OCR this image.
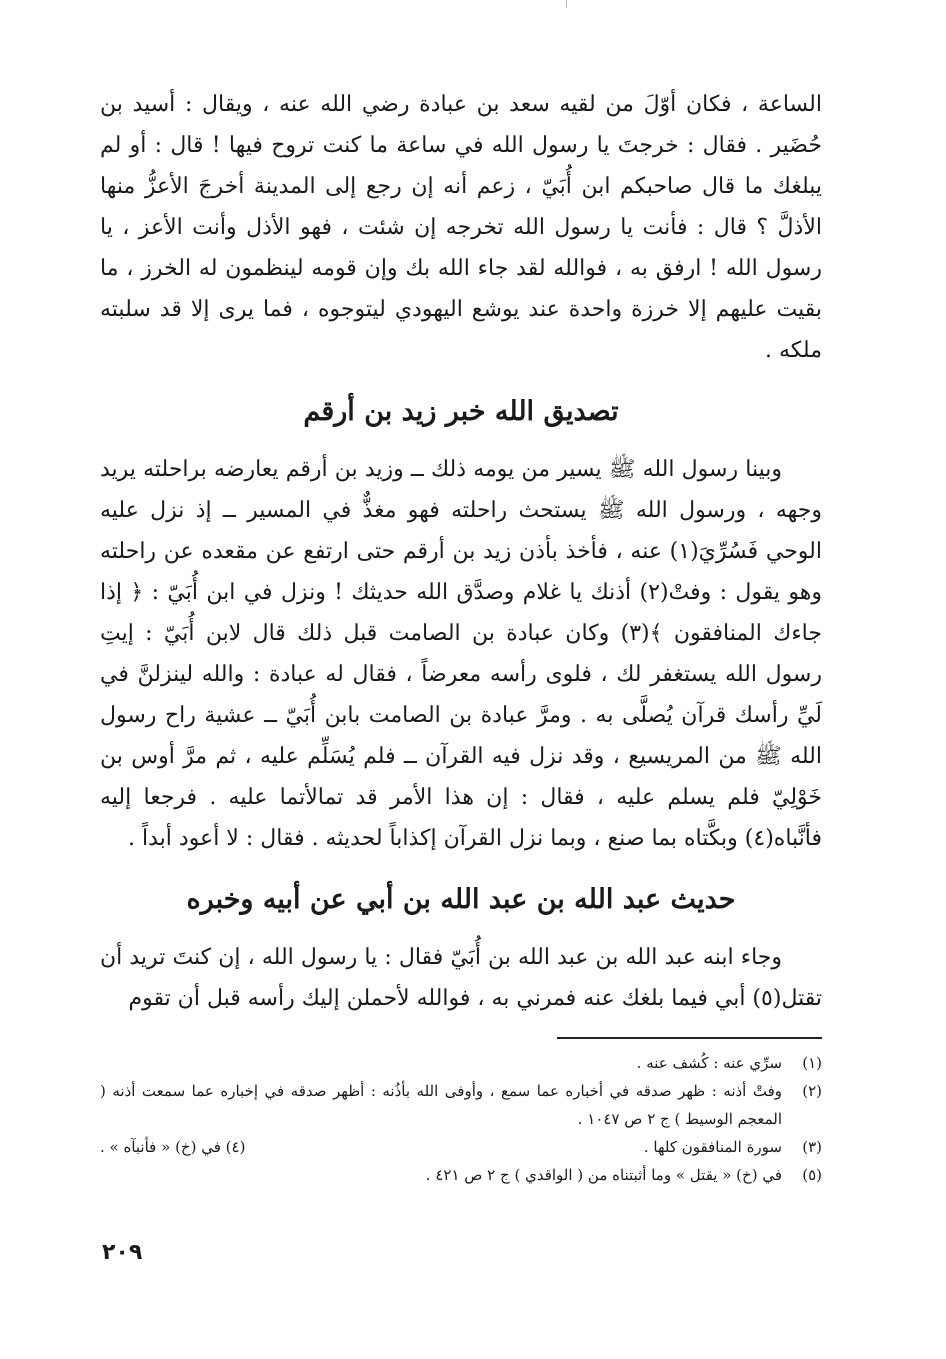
الساعة ، فكان أوّلَ من لقيه سعد بن عبادة رضي الله عنه ، ويقال : أسيد بن حُضَير . فقال : خرجتَ يا رسول الله في ساعة ما كنت تروح فيها ! قال : أو لم يبلغك ما قال صاحبكم ابن أُبَيّ ، زعم أنه إن رجع إلى المدينة أخرجَ الأعزُّ منها الأذلَّ ؟ قال : فأنت يا رسول الله تخرجه إن شئت ، فهو الأذل وأنت الأعز ، يا رسول الله ! ارفق به ، فوالله لقد جاء الله بك وإن قومه لينظمون له الخرز ، ما بقيت عليهم إلا خرزة واحدة عند يوشع اليهودي ليتوجوه ، فما يرى إلا قد سلبته ملكه .

تصديق الله خبر زيد بن أرقم

وبينا رسول الله ﷺ يسير من يومه ذلك ــ وزيد بن أرقم يعارضه براحلته يريد وجهه ، ورسول الله ﷺ يستحث راحلته فهو مغذٌّ في المسير ــ إذ نزل عليه الوحي فَسُرِّيَ(١) عنه ، فأخذ بأذن زيد بن أرقم حتى ارتفع عن مقعده عن راحلته وهو يقول : وفتْ(٢) أذنك يا غلام وصدَّق الله حديثك ! ونزل في ابن أُبَيّ : ﴿ إذا جاءك المنافقون ﴾(٣) وكان عبادة بن الصامت قبل ذلك قال لابن أُبَيّ : إيتِ رسول الله يستغفر لك ، فلوى رأسه معرضاً ، فقال له عبادة : والله لينزلنَّ في لَيِّ رأسك قرآن يُصلَّى به . ومرَّ عبادة بن الصامت بابن أُبَيّ ــ عشية راح رسول الله ﷺ من المريسيع ، وقد نزل فيه القرآن ــ فلم يُسَلِّم عليه ، ثم مرَّ أوس بن خَوْلِيّ فلم يسلم عليه ، فقال : إن هذا الأمر قد تمالأتما عليه . فرجعا إليه فأنَّباه(٤) وبكَّتاه بما صنع ، وبما نزل القرآن إكذاباً لحديثه . فقال : لا أعود أبداً .

حديث عبد الله بن عبد الله بن أبي عن أبيه وخبره

وجاء ابنه عبد الله بن عبد الله بن أُبَيّ فقال : يا رسول الله ، إن كنتَ تريد أن تقتل(٥) أبي فيما بلغك عنه فمرني به ، فوالله لأحملن إليك رأسه قبل أن تقوم

(١)
سرِّي عنه : كُشف عنه .
(٢)
وفتْ أذنه : ظهر صدقه في أخباره عما سمع ، وأوفى الله بأذُنه : أظهر صدقه في إخباره عما سمعت أذنه ( المعجم الوسيط ) ج ٢ ص ١٠٤٧ .
(٣)
سورة المنافقون كلها .
(٤) في (خ) « فأنبآه » .
(٥)
في (خ) « يقتل » وما أثبتناه من ( الواقدي ) ج ٢ ص ٤٢١ .
٢٠٩
